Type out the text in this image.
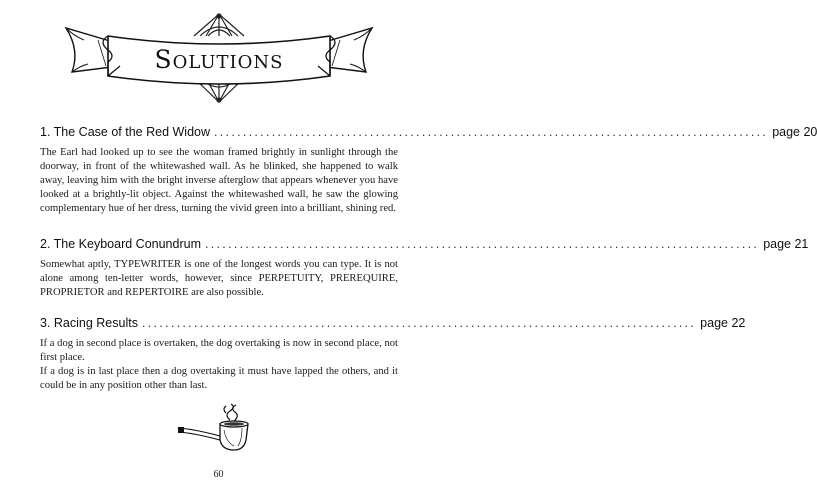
Solutions
1. The Case of the Red Widow ................................................................................................ page 20

The Earl had looked up to see the woman framed brightly in sunlight through the doorway, in front of the whitewashed wall. As he blinked, she happened to walk away, leaving him with the bright inverse afterglow that appears whenever you have looked at a brightly-lit object. Against the whitewashed wall, he saw the glowing complementary hue of her dress, turning the vivid green into a brilliant, shining red.

2. The Keyboard Conundrum ................................................................................................ page 21

Somewhat aptly, TYPEWRITER is one of the longest words you can type. It is not alone among ten-letter words, however, since PERPETUITY, PREREQUIRE, PROPRIETOR and REPERTOIRE are also possible.

3. Racing Results ................................................................................................ page 22

If a dog in second place is overtaken, the dog overtaking is now in second place, not first place.

If a dog is in last place then a dog overtaking it must have lapped the others, and it could be in any position other than last.

60
